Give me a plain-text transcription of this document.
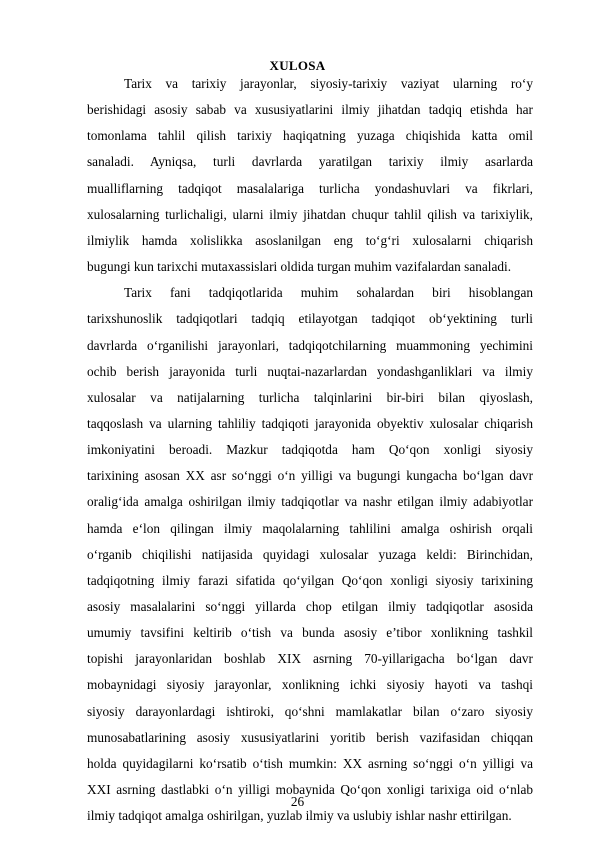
XULOSA
Tarix va tarixiy jarayonlar, siyosiy-tarixiy vaziyat ularning ro‘y
berishidagi asosiy sabab va xususiyatlarini ilmiy jihatdan tadqiq etishda har
tomonlama tahlil qilish tarixiy haqiqatning yuzaga chiqishida katta omil
sanaladi. Ayniqsa, turli davrlarda yaratilgan tarixiy ilmiy asarlarda
mualliflarning tadqiqot masalalariga turlicha yondashuvlari va fikrlari,
xulosalarning turlichaligi, ularni ilmiy jihatdan chuqur tahlil qilish va tarixiylik,
ilmiylik hamda xolislikka asoslanilgan eng to‘g‘ri xulosalarni chiqarish
bugungi kun tarixchi mutaxassislari oldida turgan muhim vazifalardan sanaladi.
Tarix fani tadqiqotlarida muhim sohalardan biri hisoblangan
tarixshunoslik tadqiqotlari tadqiq etilayotgan tadqiqot ob‘yektining turli
davrlarda o‘rganilishi jarayonlari, tadqiqotchilarning muammoning yechimini
ochib berish jarayonida turli nuqtai-nazarlardan yondashganliklari va ilmiy
xulosalar va natijalarning turlicha talqinlarini bir-biri bilan qiyoslash,
taqqoslash va ularning tahliliy tadqiqoti jarayonida obyektiv xulosalar chiqarish
imkoniyatini beroadi. Mazkur tadqiqotda ham Qo‘qon xonligi siyosiy
tarixining asosan XX asr so‘nggi o‘n yilligi va bugungi kungacha bo‘lgan davr
oralig‘ida amalga oshirilgan ilmiy tadqiqotlar va nashr etilgan ilmiy adabiyotlar
hamda e‘lon qilingan ilmiy maqolalarning tahlilini amalga oshirish orqali
o‘rganib chiqilishi natijasida quyidagi xulosalar yuzaga keldi: Birinchidan,
tadqiqotning ilmiy farazi sifatida qo‘yilgan Qo‘qon xonligi siyosiy tarixining
asosiy masalalarini so‘nggi yillarda chop etilgan ilmiy tadqiqotlar asosida
umumiy tavsifini keltirib o‘tish va bunda asosiy e’tibor xonlikning tashkil
topishi jarayonlaridan boshlab XIX asrning 70-yillarigacha bo‘lgan davr
mobaynidagi siyosiy jarayonlar, xonlikning ichki siyosiy hayoti va tashqi
siyosiy darayonlardagi ishtiroki, qo‘shni mamlakatlar bilan o‘zaro siyosiy
munosabatlarining asosiy xususiyatlarini yoritib berish vazifasidan chiqqan
holda quyidagilarni ko‘rsatib o‘tish mumkin: XX asrning so‘nggi o‘n yilligi va
XXI asrning dastlabki o‘n yilligi mobaynida Qo‘qon xonligi tarixiga oid o‘nlab
ilmiy tadqiqot amalga oshirilgan, yuzlab ilmiy va uslubiy ishlar nashr ettirilgan.
26
